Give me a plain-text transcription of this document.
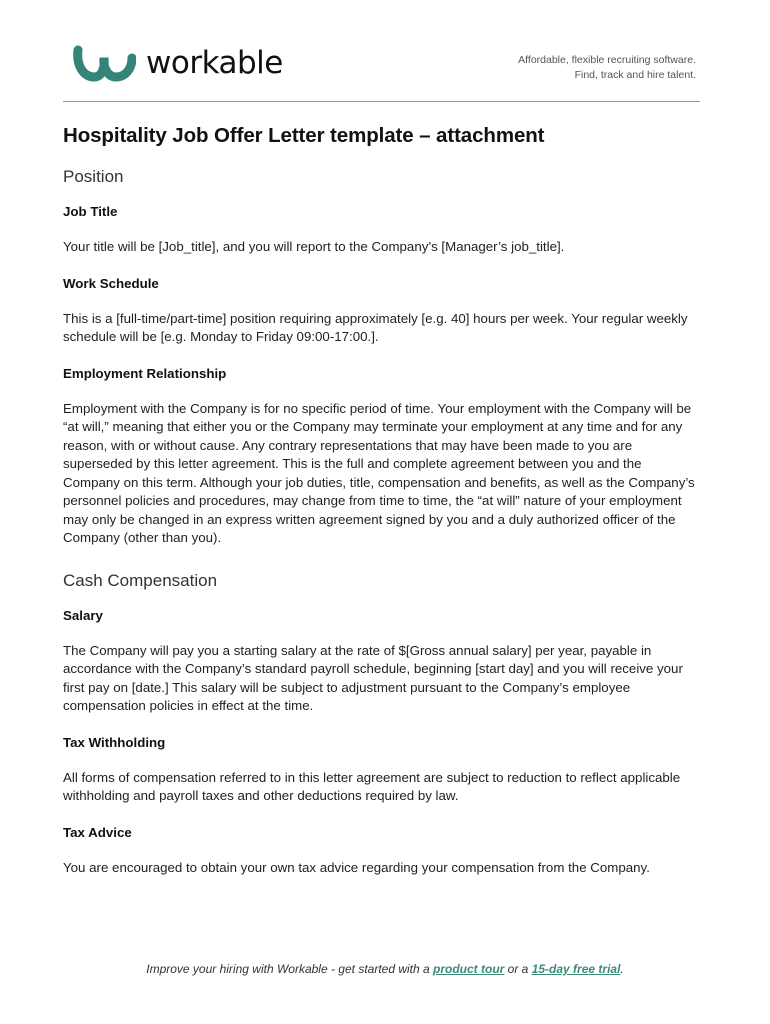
workable	Affordable, flexible recruiting software.
Find, track and hire talent.
Hospitality Job Offer Letter template – attachment
Position
Job Title

Your title will be [Job_title], and you will report to the Company’s [Manager’s job_title].

Work Schedule

This is a [full-time/part-time] position requiring approximately [e.g. 40] hours per week. Your regular weekly schedule will be [e.g. Monday to Friday 09:00-17:00.].

Employment Relationship

Employment with the Company is for no specific period of time. Your employment with the Company will be “at will,” meaning that either you or the Company may terminate your employment at any time and for any reason, with or without cause. Any contrary representations that may have been made to you are superseded by this letter agreement. This is the full and complete agreement between you and the Company on this term. Although your job duties, title, compensation and benefits, as well as the Company’s personnel policies and procedures, may change from time to time, the “at will” nature of your employment may only be changed in an express written agreement signed by you and a duly authorized officer of the Company (other than you).

Cash Compensation
Salary

The Company will pay you a starting salary at the rate of $[Gross annual salary] per year, payable in accordance with the Company’s standard payroll schedule, beginning [start day] and you will receive your first pay on [date.] This salary will be subject to adjustment pursuant to the Company’s employee compensation policies in effect at the time.

Tax Withholding

All forms of compensation referred to in this letter agreement are subject to reduction to reflect applicable withholding and payroll taxes and other deductions required by law.

Tax Advice

You are encouraged to obtain your own tax advice regarding your compensation from the Company.

Improve your hiring with Workable - get started with a product tour or a 15-day free trial.
